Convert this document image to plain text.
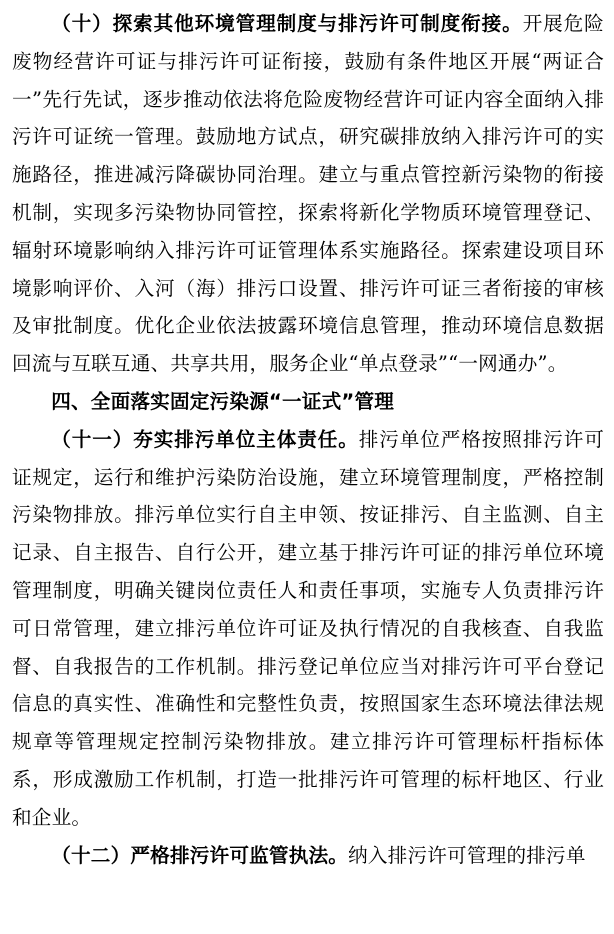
（十）探索其他环境管理制度与排污许可制度衔接。开展危险废物经营许可证与排污许可证衔接，鼓励有条件地区开展“两证合一”先行先试，逐步推动依法将危险废物经营许可证内容全面纳入排污许可证统一管理。鼓励地方试点，研究碳排放纳入排污许可的实施路径，推进减污降碳协同治理。建立与重点管控新污染物的衔接机制，实现多污染物协同管控，探索将新化学物质环境管理登记、辐射环境影响纳入排污许可证管理体系实施路径。探索建设项目环境影响评价、入河（海）排污口设置、排污许可证三者衔接的审核及审批制度。优化企业依法披露环境信息管理，推动环境信息数据回流与互联互通、共享共用，服务企业“单点登录”“一网通办”。

四、全面落实固定污染源“一证式”管理

（十一）夯实排污单位主体责任。排污单位严格按照排污许可证规定，运行和维护污染防治设施，建立环境管理制度，严格控制污染物排放。排污单位实行自主申领、按证排污、自主监测、自主记录、自主报告、自行公开，建立基于排污许可证的排污单位环境管理制度，明确关键岗位责任人和责任事项，实施专人负责排污许可日常管理，建立排污单位许可证及执行情况的自我核查、自我监督、自我报告的工作机制。排污登记单位应当对排污许可平台登记信息的真实性、准确性和完整性负责，按照国家生态环境法律法规规章等管理规定控制污染物排放。建立排污许可管理标杆指标体系，形成激励工作机制，打造一批排污许可管理的标杆地区、行业和企业。

（十二）严格排污许可监管执法。纳入排污许可管理的排污单
